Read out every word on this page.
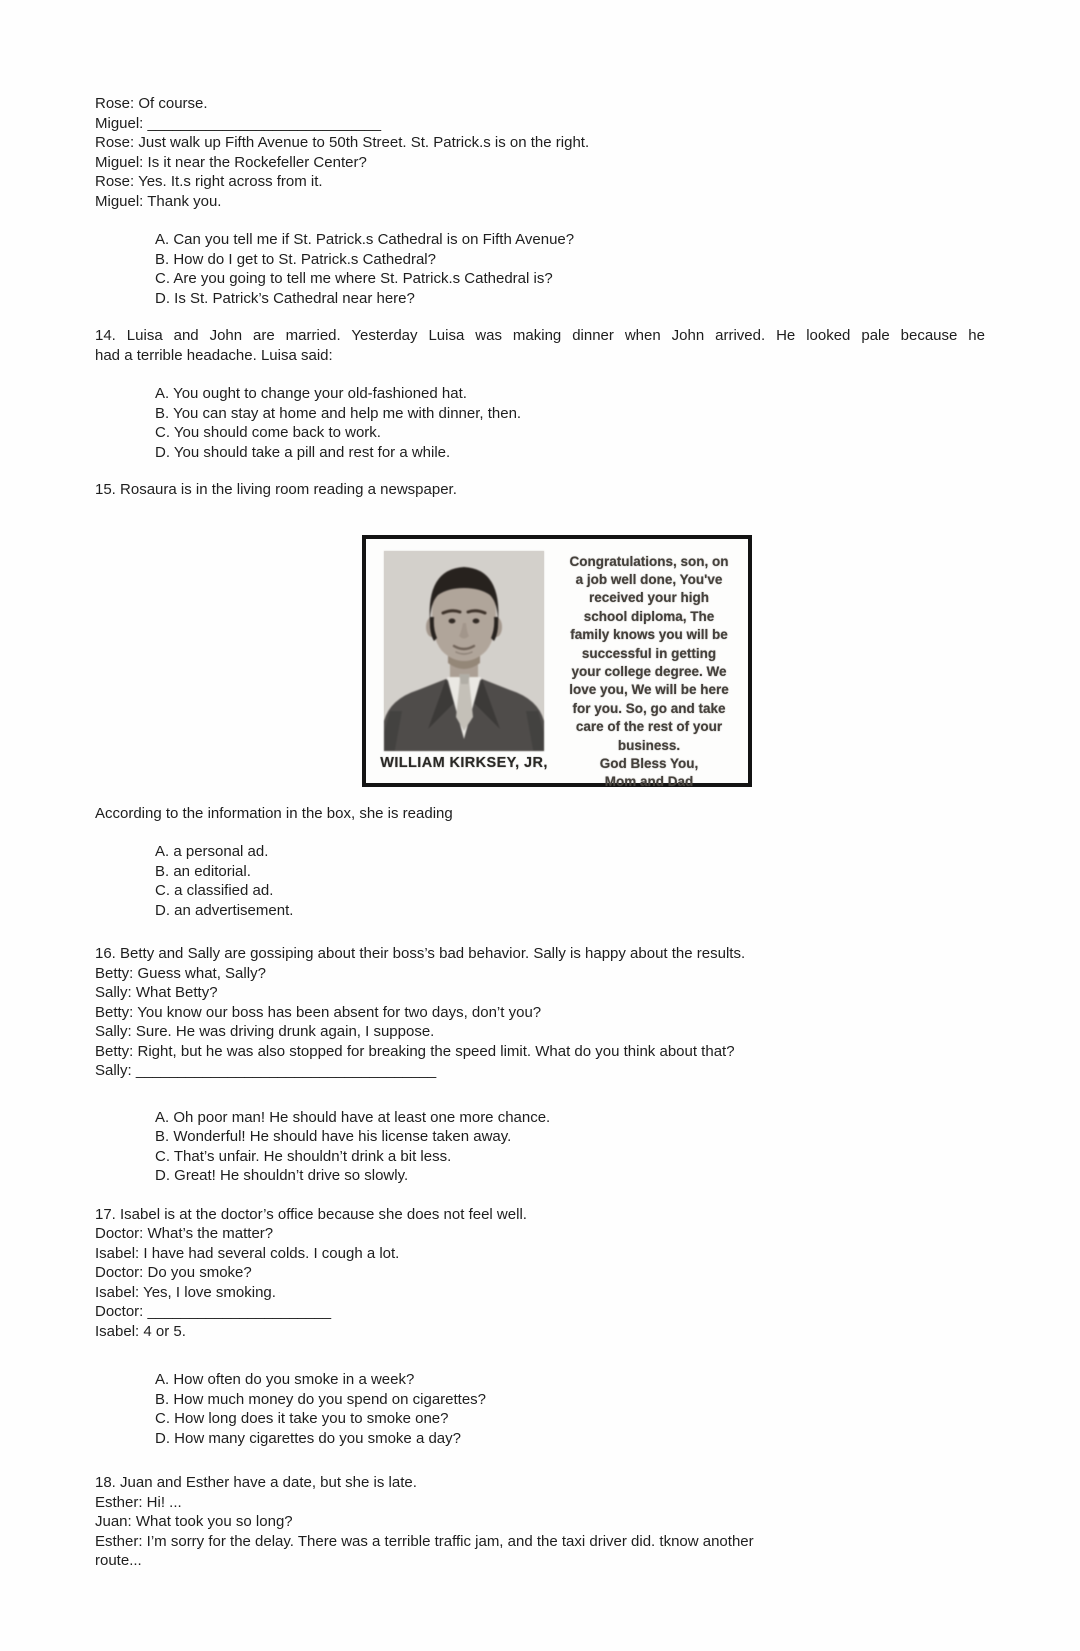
Rose: Of course.

Miguel: ____________________________

Rose: Just walk up Fifth Avenue to 50th Street. St. Patrick.s is on the right.

Miguel: Is it near the Rockefeller Center?

Rose: Yes. It.s right across from it.

Miguel: Thank you.

A. Can you tell me if St. Patrick.s Cathedral is on Fifth Avenue?

B. How do I get to St. Patrick.s Cathedral?

C. Are you going to tell me where St. Patrick.s Cathedral is?

D. Is St. Patrick’s Cathedral near here?

14. Luisa and John are married. Yesterday Luisa was making dinner when John arrived. He looked pale because he

had a terrible headache. Luisa said:

A. You ought to change your old-fashioned hat.

B. You can stay at home and help me with dinner, then.

C. You should come back to work.

D. You should take a pill and rest for a while.

15. Rosaura is in the living room reading a newspaper.

WILLIAM KIRKSEY, JR,

Congratulations, son, on

a job well done, You've

received your high

school diploma, The

family knows you will be

successful in getting

your college degree. We

love you, We will be here

for you. So, go and take

care of the rest of your

business.

God Bless You,

Mom and Dad

According to the information in the box, she is reading

A. a personal ad.

B. an editorial.

C. a classified ad.

D. an advertisement.

16. Betty and Sally are gossiping about their boss’s bad behavior. Sally is happy about the results.

Betty: Guess what, Sally?

Sally: What Betty?

Betty: You know our boss has been absent for two days, don’t you?

Sally: Sure. He was driving drunk again, I suppose.

Betty: Right, but he was also stopped for breaking the speed limit. What do you think about that?

Sally: ____________________________________

A. Oh poor man! He should have at least one more chance.

B. Wonderful! He should have his license taken away.

C. That’s unfair. He shouldn’t drink a bit less.

D. Great! He shouldn’t drive so slowly.

17. Isabel is at the doctor’s office because she does not feel well.

Doctor: What’s the matter?

Isabel: I have had several colds. I cough a lot.

Doctor: Do you smoke?

Isabel: Yes, I love smoking.

Doctor: ______________________

Isabel: 4 or 5.

A. How often do you smoke in a week?

B. How much money do you spend on cigarettes?

C. How long does it take you to smoke one?

D. How many cigarettes do you smoke a day?

18. Juan and Esther have a date, but she is late.

Esther: Hi! ...

Juan: What took you so long?

Esther: I’m sorry for the delay. There was a terrible traffic jam, and the taxi driver did. tknow another

route...
